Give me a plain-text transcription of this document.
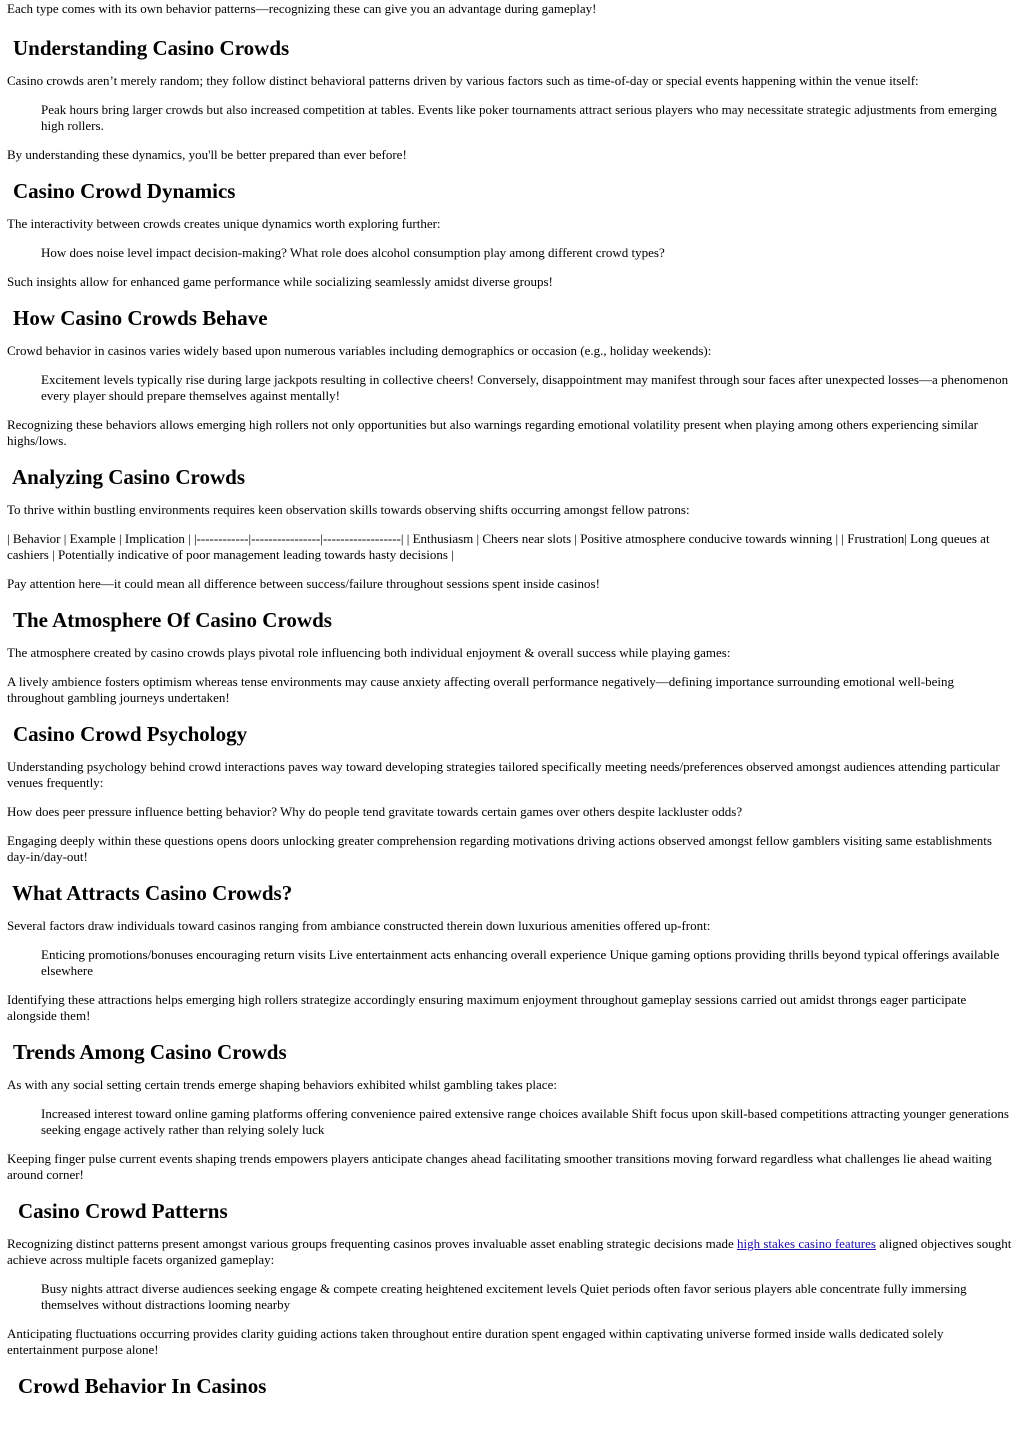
Each type comes with its own behavior patterns—recognizing these can give you an advantage during gameplay!

Understanding Casino Crowds

Casino crowds aren’t merely random; they follow distinct behavioral patterns driven by various factors such as time-of-day or special events happening within the venue itself:

Peak hours bring larger crowds but also increased competition at tables. Events like poker tournaments attract serious players who may necessitate strategic adjustments from emerging high rollers.

By understanding these dynamics, you'll be better prepared than ever before!

Casino Crowd Dynamics

The interactivity between crowds creates unique dynamics worth exploring further:

How does noise level impact decision-making? What role does alcohol consumption play among different crowd types?

Such insights allow for enhanced game performance while socializing seamlessly amidst diverse groups!

How Casino Crowds Behave

Crowd behavior in casinos varies widely based upon numerous variables including demographics or occasion (e.g., holiday weekends):

Excitement levels typically rise during large jackpots resulting in collective cheers! Conversely, disappointment may manifest through sour faces after unexpected losses—a phenomenon every player should prepare themselves against mentally!

Recognizing these behaviors allows emerging high rollers not only opportunities but also warnings regarding emotional volatility present when playing among others experiencing similar highs/lows.

Analyzing Casino Crowds

To thrive within bustling environments requires keen observation skills towards observing shifts occurring amongst fellow patrons:

| Behavior | Example | Implication | |------------|----------------|------------------| | Enthusiasm | Cheers near slots | Positive atmosphere conducive towards winning | | Frustration| Long queues at cashiers | Potentially indicative of poor management leading towards hasty decisions |

Pay attention here—it could mean all difference between success/failure throughout sessions spent inside casinos!

The Atmosphere Of Casino Crowds

The atmosphere created by casino crowds plays pivotal role influencing both individual enjoyment & overall success while playing games:

A lively ambience fosters optimism whereas tense environments may cause anxiety affecting overall performance negatively—defining importance surrounding emotional well-being throughout gambling journeys undertaken!

Casino Crowd Psychology

Understanding psychology behind crowd interactions paves way toward developing strategies tailored specifically meeting needs/preferences observed amongst audiences attending particular venues frequently:

How does peer pressure influence betting behavior? Why do people tend gravitate towards certain games over others despite lackluster odds?

Engaging deeply within these questions opens doors unlocking greater comprehension regarding motivations driving actions observed amongst fellow gamblers visiting same establishments day-in/day-out!

What Attracts Casino Crowds?

Several factors draw individuals toward casinos ranging from ambiance constructed therein down luxurious amenities offered up-front:

Enticing promotions/bonuses encouraging return visits Live entertainment acts enhancing overall experience Unique gaming options providing thrills beyond typical offerings available elsewhere

Identifying these attractions helps emerging high rollers strategize accordingly ensuring maximum enjoyment throughout gameplay sessions carried out amidst throngs eager participate alongside them!

Trends Among Casino Crowds

As with any social setting certain trends emerge shaping behaviors exhibited whilst gambling takes place:

Increased interest toward online gaming platforms offering convenience paired extensive range choices available Shift focus upon skill-based competitions attracting younger generations seeking engage actively rather than relying solely luck

Keeping finger pulse current events shaping trends empowers players anticipate changes ahead facilitating smoother transitions moving forward regardless what challenges lie ahead waiting around corner!

Casino Crowd Patterns

Recognizing distinct patterns present amongst various groups frequenting casinos proves invaluable asset enabling strategic decisions made high stakes casino features aligned objectives sought achieve across multiple facets organized gameplay:

Busy nights attract diverse audiences seeking engage & compete creating heightened excitement levels Quiet periods often favor serious players able concentrate fully immersing themselves without distractions looming nearby

Anticipating fluctuations occurring provides clarity guiding actions taken throughout entire duration spent engaged within captivating universe formed inside walls dedicated solely entertainment purpose alone!

Crowd Behavior In Casinos
